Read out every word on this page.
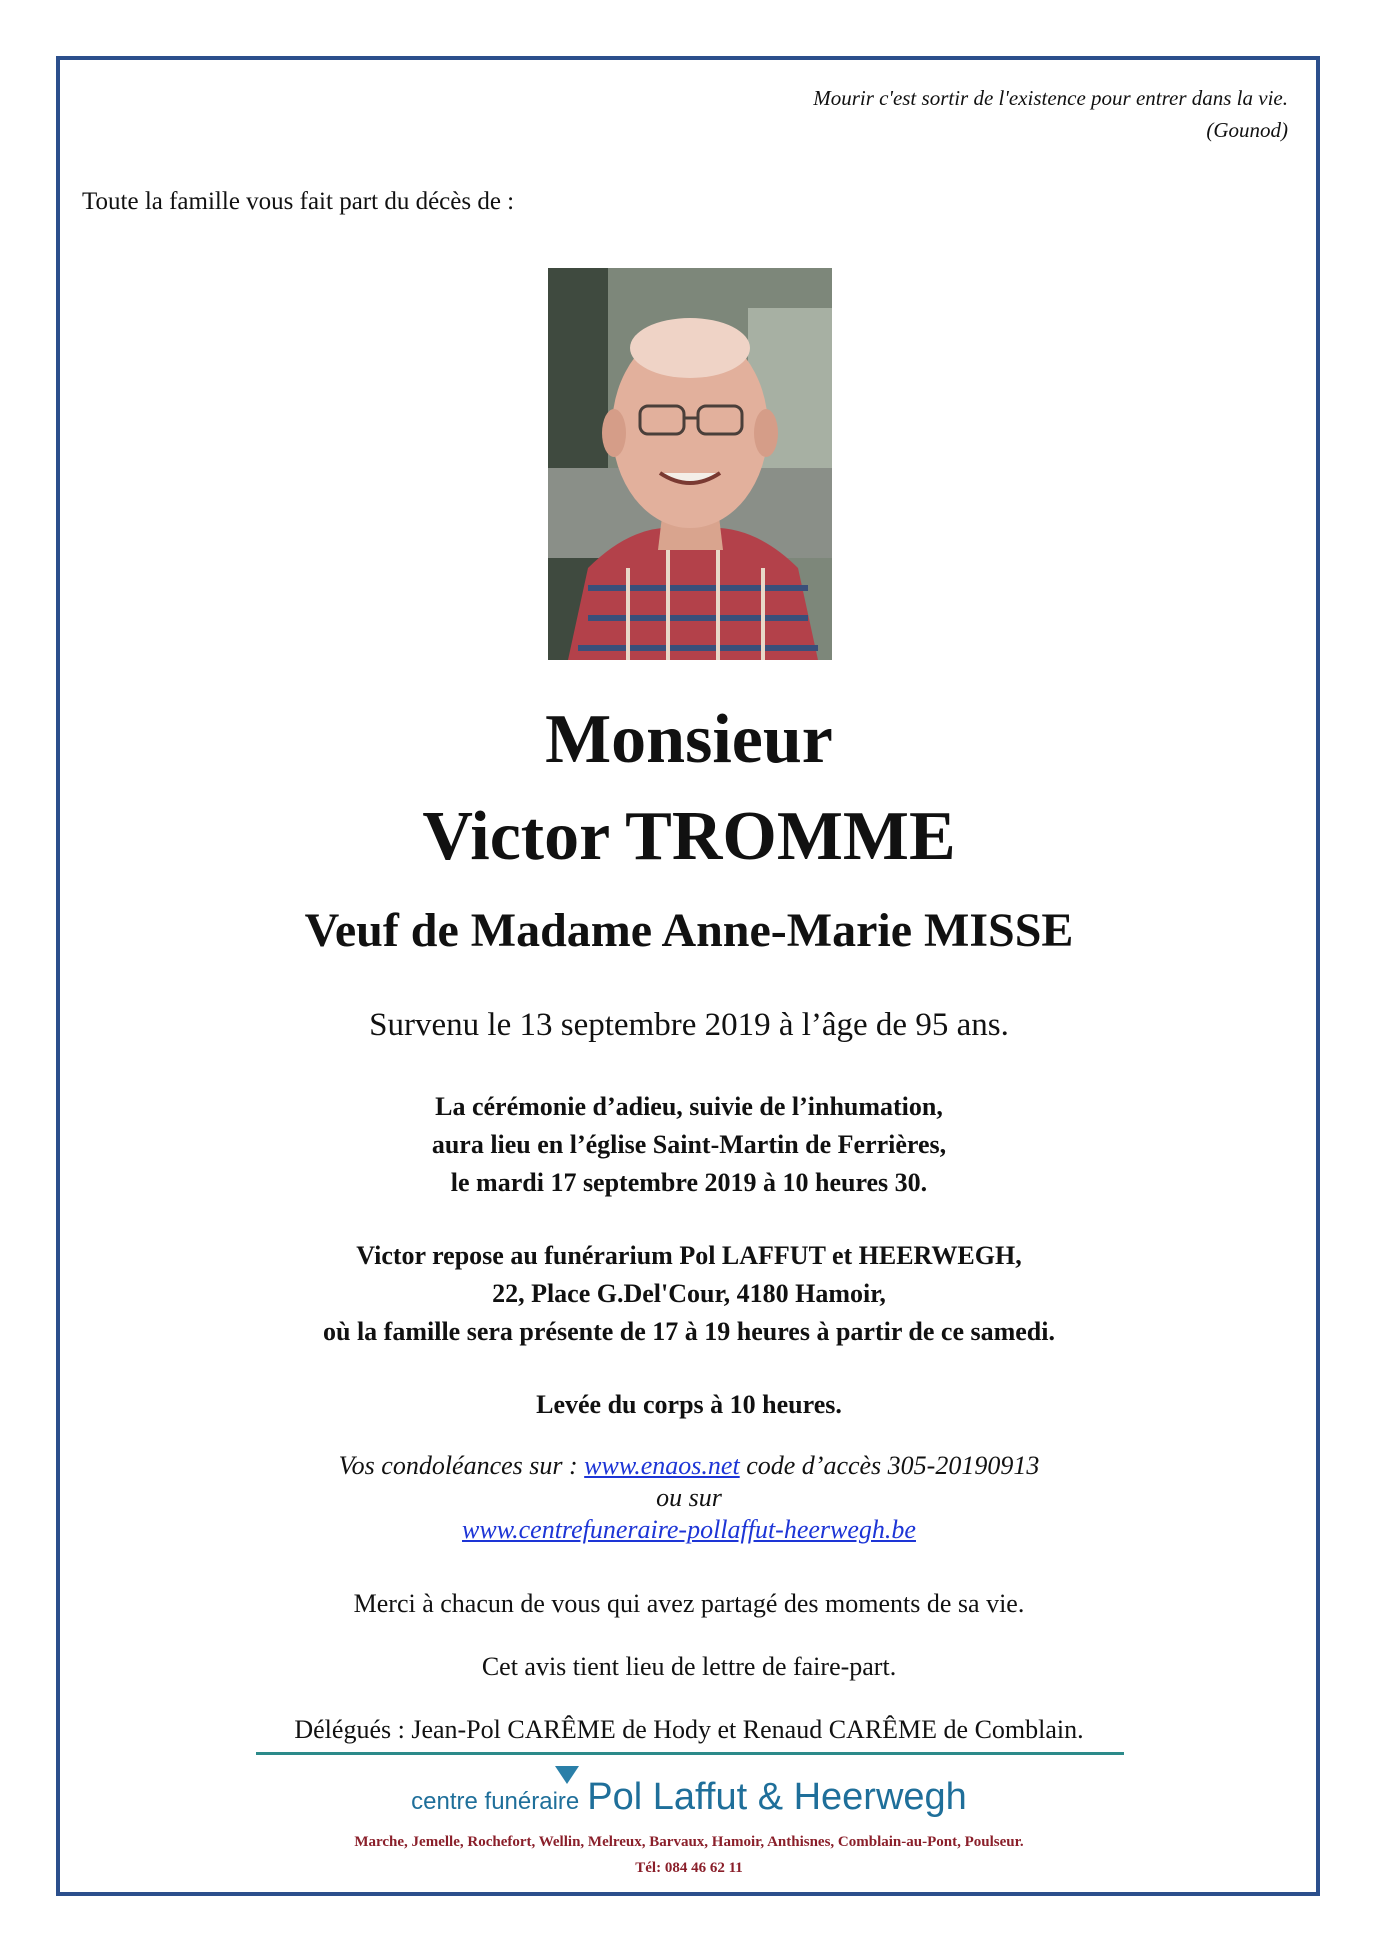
Mourir c'est sortir de l'existence pour entrer dans la vie.
(Gounod)
Toute la famille vous fait part du décès de :
Monsieur
Victor TROMME
Veuf de Madame Anne-Marie MISSE
Survenu le 13 septembre 2019 à l’âge de 95 ans.
La cérémonie d’adieu, suivie de l’inhumation,
aura lieu en l’église Saint-Martin de Ferrières,
le mardi 17 septembre 2019 à 10 heures 30.
Victor repose au funérarium Pol LAFFUT et HEERWEGH,
22, Place G.Del'Cour, 4180 Hamoir,
où la famille sera présente de 17 à 19 heures à partir de ce samedi.
Levée du corps à 10 heures.
Vos condoléances sur : www.enaos.net code d’accès 305-20190913
ou sur
www.centrefuneraire-pollaffut-heerwegh.be
Merci à chacun de vous qui avez partagé des moments de sa vie.
Cet avis tient lieu de lettre de faire-part.
Délégués : Jean-Pol CARÊME de Hody et Renaud CARÊME de Comblain.
centre funéraire Pol Laffut & Heerwegh
Marche, Jemelle, Rochefort, Wellin, Melreux, Barvaux, Hamoir, Anthisnes, Comblain-au-Pont, Poulseur.
Tél: 084 46 62 11
